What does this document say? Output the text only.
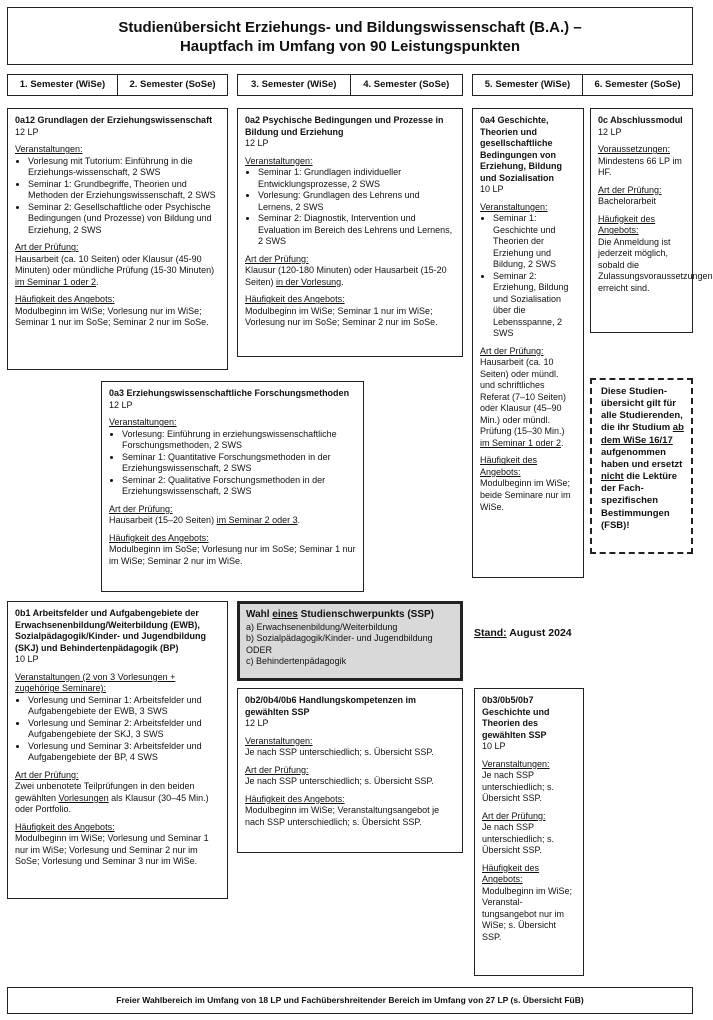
Studienübersicht Erziehungs- und Bildungswissenschaft (B.A.) –
Hauptfach im Umfang von 90 Leistungspunkten
1. Semester (WiSe)	2. Semester (SoSe)	3. Semester (WiSe)	4. Semester (SoSe)	5. Semester (WiSe)	6. Semester (SoSe)
0a12 Grundlagen der Erziehungswissenschaft
12 LP
Veranstaltungen:
• Vorlesung mit Tutorium: Einführung in die Erziehungs-wissenschaft, 2 SWS
• Seminar 1: Grundbegriffe, Theorien und Methoden der Erziehungswissenschaft, 2 SWS
• Seminar 2: Gesellschaftliche oder Psychische Bedingungen (und Prozesse) von Bildung und Erziehung, 2 SWS
Art der Prüfung:
Hausarbeit (ca. 10 Seiten) oder Klausur (45-90 Minuten) oder mündliche Prüfung (15-30 Minuten) im Seminar 1 oder 2.
Häufigkeit des Angebots:
Modulbeginn im WiSe; Vorlesung nur im WiSe; Seminar 1 nur im SoSe; Seminar 2 nur im SoSe.
0a2 Psychische Bedingungen und Prozesse in Bildung und Erziehung
12 LP
Veranstaltungen:
• Seminar 1: Grundlagen individueller Entwicklungsprozesse, 2 SWS
• Vorlesung: Grundlagen des Lehrens und Lernens, 2 SWS
• Seminar 2: Diagnostik, Intervention und Evaluation im Bereich des Lehrens und Lernens, 2 SWS
Art der Prüfung:
Klausur (120-180 Minuten) oder Hausarbeit (15-20 Seiten) in der Vorlesung.
Häufigkeit des Angebots:
Modulbeginn im WiSe; Seminar 1 nur im WiSe; Vorlesung nur im SoSe; Seminar 2 nur im SoSe.
0a4 Geschichte, Theorien und gesellschaftliche Bedingungen von Erziehung, Bildung und Sozialisation
10 LP
Veranstaltungen:
• Seminar 1: Geschichte und Theorien der Erziehung und Bildung, 2 SWS
• Seminar 2: Erziehung, Bildung und Sozialisation über die Lebensspanne, 2 SWS
Art der Prüfung:
Hausarbeit (ca. 10 Seiten) oder mündl. und schriftliches Referat (7–10 Seiten) oder Klausur (45–90 Min.) oder mündl. Prüfung (15–30 Min.) im Seminar 1 oder 2.
Häufigkeit des Angebots:
Modulbeginn im WiSe; beide Seminare nur im WiSe.
0c Abschlussmodul
12 LP
Voraussetzungen:
Mindestens 66 LP im HF.
Art der Prüfung:
Bachelorarbeit
Häufigkeit des Angebots:
Die Anmeldung ist jederzeit möglich, sobald die Zulassungsvoraussetzungen erreicht sind.
Diese Studien-übersicht gilt für alle Studierenden, die ihr Studium ab dem WiSe 16/17 aufgenommen haben und ersetzt nicht die Lektüre der Fach-spezifischen Bestimmungen (FSB)!
0a3 Erziehungswissenschaftliche Forschungsmethoden
12 LP
Veranstaltungen:
• Vorlesung: Einführung in erziehungswissenschaftliche Forschungsmethoden, 2 SWS
• Seminar 1: Quantitative Forschungsmethoden in der Erziehungswissenschaft, 2 SWS
• Seminar 2: Qualitative Forschungsmethoden in der Erziehungswissenschaft, 2 SWS
Art der Prüfung:
Hausarbeit (15–20 Seiten) im Seminar 2 oder 3.
Häufigkeit des Angebots:
Modulbeginn im SoSe; Vorlesung nur im SoSe; Seminar 1 nur im WiSe; Seminar 2 nur im WiSe.
0b1 Arbeitsfelder und Aufgabengebiete der Erwachsenenbildung/Weiterbildung (EWB), Sozialpädagogik/Kinder- und Jugendbildung (SKJ) und Behindertenpädagogik (BP)
10 LP
Veranstaltungen (2 von 3 Vorlesungen + zugehörige Seminare):
• Vorlesung und Seminar 1: Arbeitsfelder und Aufgabengebiete der EWB, 3 SWS
• Vorlesung und Seminar 2: Arbeitsfelder und Aufgabengebiete der SKJ, 3 SWS
• Vorlesung und Seminar 3: Arbeitsfelder und Aufgabengebiete der BP, 4 SWS
Art der Prüfung:
Zwei unbenotete Teilprüfungen in den beiden gewählten Vorlesungen als Klausur (30–45 Min.) oder Portfolio.
Häufigkeit des Angebots:
Modulbeginn im WiSe; Vorlesung und Seminar 1 nur im WiSe; Vorlesung und Seminar 2 nur im SoSe; Vorlesung und Seminar 3 nur im WiSe.
Wahl eines Studienschwerpunkts (SSP)
a) Erwachsenenbildung/Weiterbildung
b) Sozialpädagogik/Kinder- und Jugendbildung
ODER
c) Behindertenpädagogik
Stand: August 2024
0b2/0b4/0b6 Handlungskompetenzen im gewählten SSP
12 LP
Veranstaltungen:
Je nach SSP unterschiedlich; s. Übersicht SSP.
Art der Prüfung:
Je nach SSP unterschiedlich; s. Übersicht SSP.
Häufigkeit des Angebots:
Modulbeginn im WiSe; Veranstaltungsangebot je nach SSP unterschiedlich; s. Übersicht SSP.
0b3/0b5/0b7 Geschichte und Theorien des gewählten SSP
10 LP
Veranstaltungen:
Je nach SSP unterschiedlich; s. Übersicht SSP.
Art der Prüfung:
Je nach SSP unterschiedlich; s. Übersicht SSP.
Häufigkeit des Angebots:
Modulbeginn im WiSe; Veranstal-tungsangebot nur im WiSe; s. Übersicht SSP.
Freier Wahlbereich im Umfang von 18 LP und Fachübershreitender Bereich im Umfang von 27 LP (s. Übersicht FüB)
